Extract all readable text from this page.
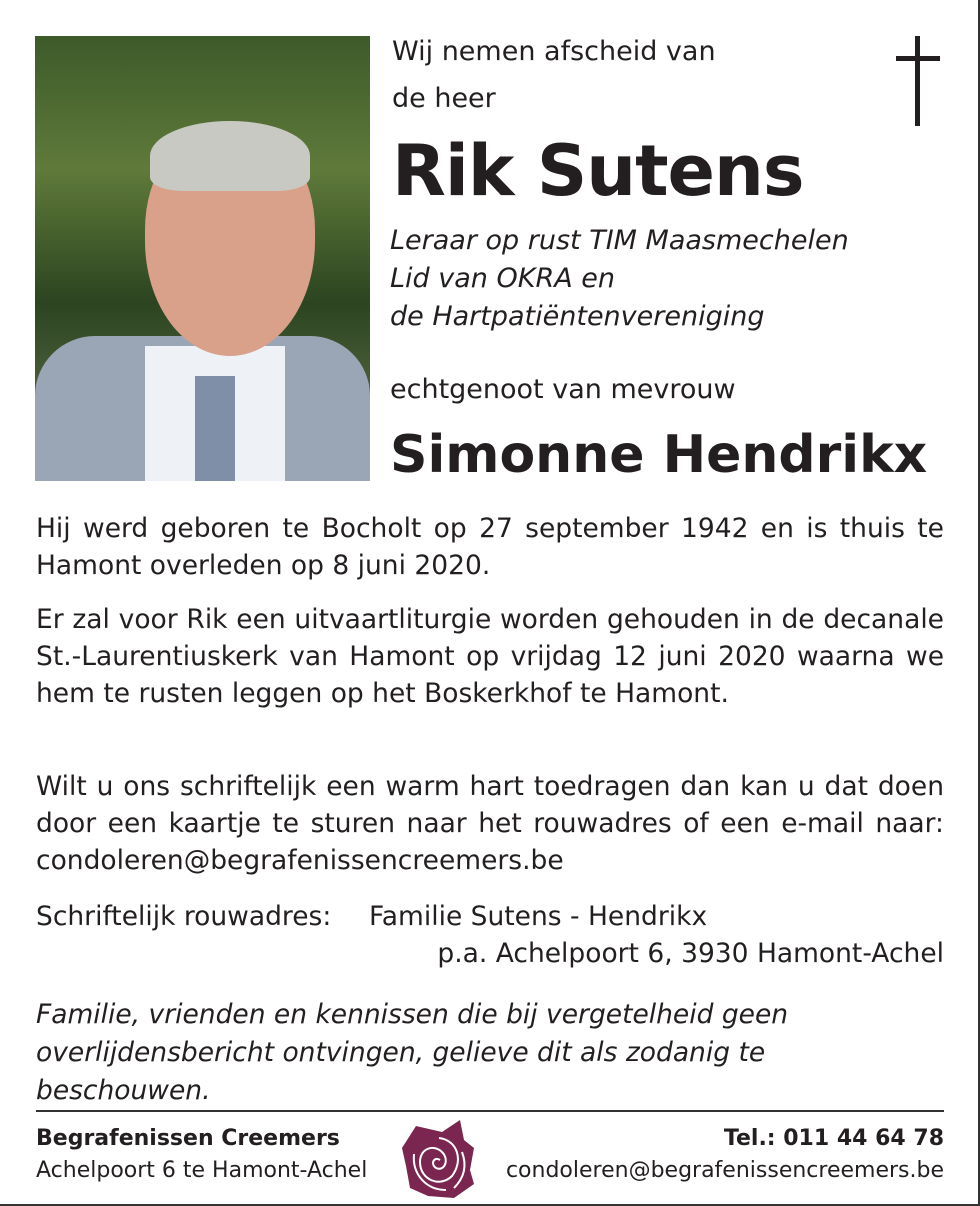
Wij nemen afscheid van
de heer
Rik Sutens
Leraar op rust TIM Maasmechelen
Lid van OKRA en
de Hartpatiëntenvereniging
echtgenoot van mevrouw
Simonne Hendrikx
Hij werd geboren te Bocholt op 27 september 1942 en is thuis te Hamont overleden op 8 juni 2020.
Er zal voor Rik een uitvaartliturgie worden gehouden in de decanale St.-Laurentiuskerk van Hamont op vrijdag 12 juni 2020 waarna we hem te rusten leggen op het Boskerkhof te Hamont.
Wilt u ons schriftelijk een warm hart toedragen dan kan u dat doen door een kaartje te sturen naar het rouwadres of een e-mail naar: condoleren@begrafenissencreemers.be
Schriftelijk rouwadres: Familie Sutens - Hendrikx
p.a. Achelpoort 6, 3930 Hamont-Achel
Familie, vrienden en kennissen die bij vergetelheid geen overlijdensbericht ontvingen, gelieve dit als zodanig te beschouwen.
Begrafenissen Creemers
Achelpoort 6 te Hamont-Achel
Tel.: 011 44 64 78
condoleren@begrafenissencreemers.be
